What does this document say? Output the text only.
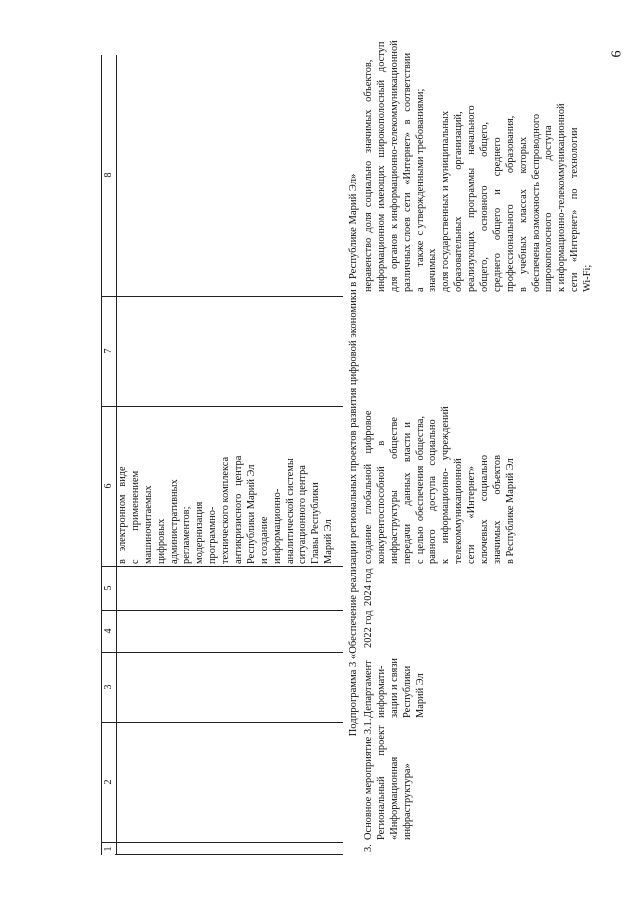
6
1
2
3
4
5
6
7
8
в   электронном   виде с           применением машиночитаемых цифровых административных регламентов; модернизация программно- технического комплекса антикризисного   центра Республики Марий Эл и создание информационно- аналитической системы ситуационного центра Главы Республики Марий Эл Подпрограмма 3 «Обеспечение реализации региональных проектов развития цифровой экономики в Республике Марий Эл»
3.
Основное мероприятие 3.1. Региональный        проект «Информационная инфраструктура»
Департамент информати- зации и связи Республики Марий Эл
2022 год
2024 год
создание    глобальной    цифровое конкурентоспособной        в инфраструктуры            обществе передачи       данных    власти  и с  целью  обеспечения  общества, равного       доступа    социально к      информационно-   учреждений телекоммуникационной сети          «Интернет» ключевых       социально значимых          объектов в Республике Марий Эл
неравенство  доля  социально   значимых   объектов, информационном  имеющих   широкополосный   доступ для   органов  к информационно-телекоммуникационной различных слоев  сети   «Интернет»   в   соответствии а        также  с утвержденными требованиями; значимых доля государственных и муниципальных образовательных                  организаций, реализующих     программы     начального общего,          основного           общего, среднего     общего     и     среднего профессионального            образования, в     учебных     классах      которых обеспечена возможность беспроводного широкополосного                    доступа к информационно-телекоммуникационной сети    «Интернет»    по    технологии Wi-Fi;
